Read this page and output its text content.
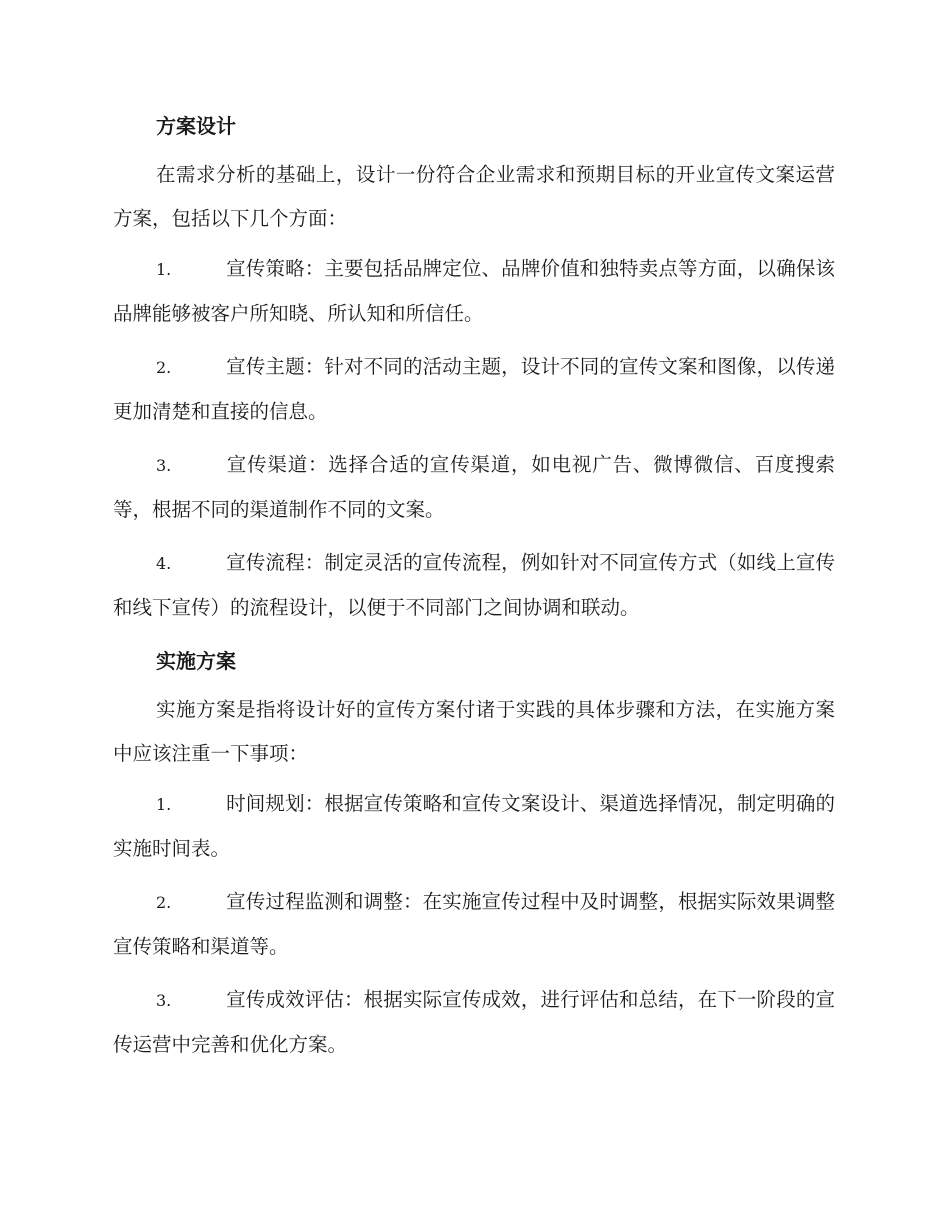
方案设计

在需求分析的基础上，设计一份符合企业需求和预期目标的开业宣传文案运营方案，包括以下几个方面：

1.	宣传策略：主要包括品牌定位、品牌价值和独特卖点等方面，以确保该品牌能够被客户所知晓、所认知和所信任。

2.	宣传主题：针对不同的活动主题，设计不同的宣传文案和图像，以传递更加清楚和直接的信息。

3.	宣传渠道：选择合适的宣传渠道，如电视广告、微博微信、百度搜索等，根据不同的渠道制作不同的文案。

4.	宣传流程：制定灵活的宣传流程，例如针对不同宣传方式（如线上宣传和线下宣传）的流程设计，以便于不同部门之间协调和联动。

实施方案

实施方案是指将设计好的宣传方案付诸于实践的具体步骤和方法，在实施方案中应该注重一下事项：

1.	时间规划：根据宣传策略和宣传文案设计、渠道选择情况，制定明确的实施时间表。

2.	宣传过程监测和调整：在实施宣传过程中及时调整，根据实际效果调整宣传策略和渠道等。

3.	宣传成效评估：根据实际宣传成效，进行评估和总结，在下一阶段的宣传运营中完善和优化方案。
